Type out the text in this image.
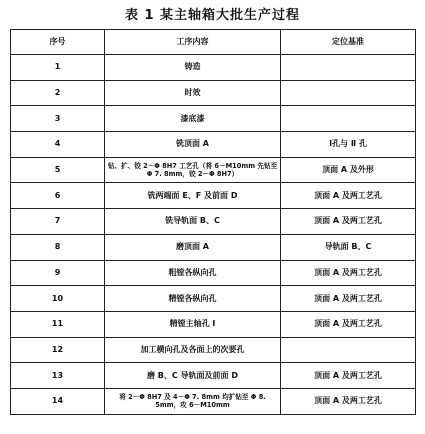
表 1 某主轴箱大批生产过程
序号	工序内容	定位基准
1	铸造	
2	时效	
3	漆底漆	
4	铣顶面 A	Ⅰ孔与 Ⅱ 孔
5	钻、扩、铰 2－Φ 8H7 工艺孔（将 6－M10mm 先钻至 Φ 7. 8mm，铰 2－Φ 8H7）	顶面 A 及外形
6	铣两端面 E、F 及前面 D	顶面 A 及两工艺孔
7	铣导轨面 B、C	顶面 A 及两工艺孔
8	磨顶面 A	导轨面 B、C
9	粗镗各纵向孔	顶面 A 及两工艺孔
10	精镗各纵向孔	顶面 A 及两工艺孔
11	精镗主轴孔 Ⅰ	顶面 A 及两工艺孔
12	加工横向孔及各面上的次要孔	
13	磨 B、C 导轨面及前面 D	顶面 A 及两工艺孔
14	将 2－Φ 8H7 及 4－Φ 7. 8mm 均扩钻至 Φ 8. 5mm，攻 6－M10mm	顶面 A 及两工艺孔
